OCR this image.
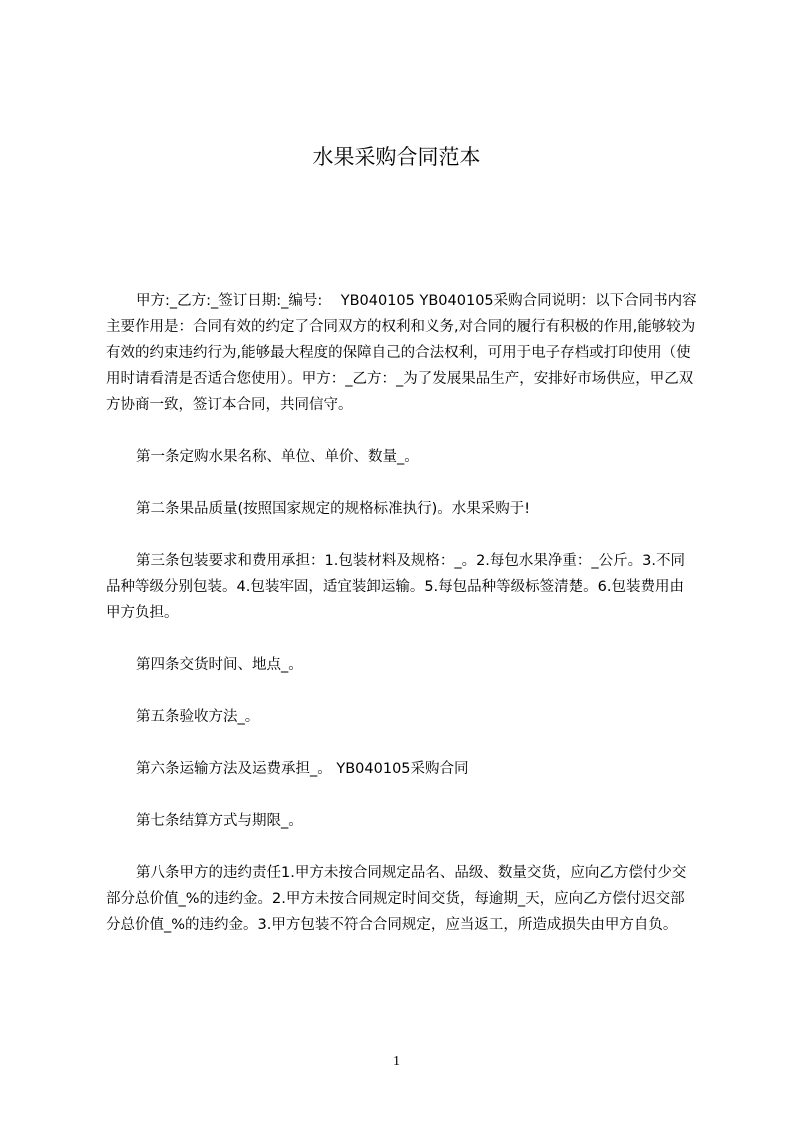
水果采购合同范本

甲方:_乙方:_签订日期:_编号:    YB040105 YB040105采购合同说明：以下合同书内容主要作用是：合同有效的约定了合同双方的权利和义务,对合同的履行有积极的作用,能够较为有效的约束违约行为,能够最大程度的保障自己的合法权利，可用于电子存档或打印使用（使用时请看清是否适合您使用）。甲方：_乙方：_为了发展果品生产，安排好市场供应，甲乙双方协商一致，签订本合同，共同信守。

第一条定购水果名称、单位、单价、数量_。

第二条果品质量(按照国家规定的规格标准执行)。水果采购于!

第三条包装要求和费用承担：1.包装材料及规格：_。2.每包水果净重：_公斤。3.不同品种等级分别包装。4.包装牢固，适宜装卸运输。5.每包品种等级标签清楚。6.包装费用由甲方负担。

第四条交货时间、地点_。

第五条验收方法_。

第六条运输方法及运费承担_。 YB040105采购合同

第七条结算方式与期限_。

第八条甲方的违约责任1.甲方未按合同规定品名、品级、数量交货，应向乙方偿付少交部分总价值_%的违约金。2.甲方未按合同规定时间交货，每逾期_天，应向乙方偿付迟交部分总价值_%的违约金。3.甲方包装不符合合同规定，应当返工，所造成损失由甲方自负。

1
